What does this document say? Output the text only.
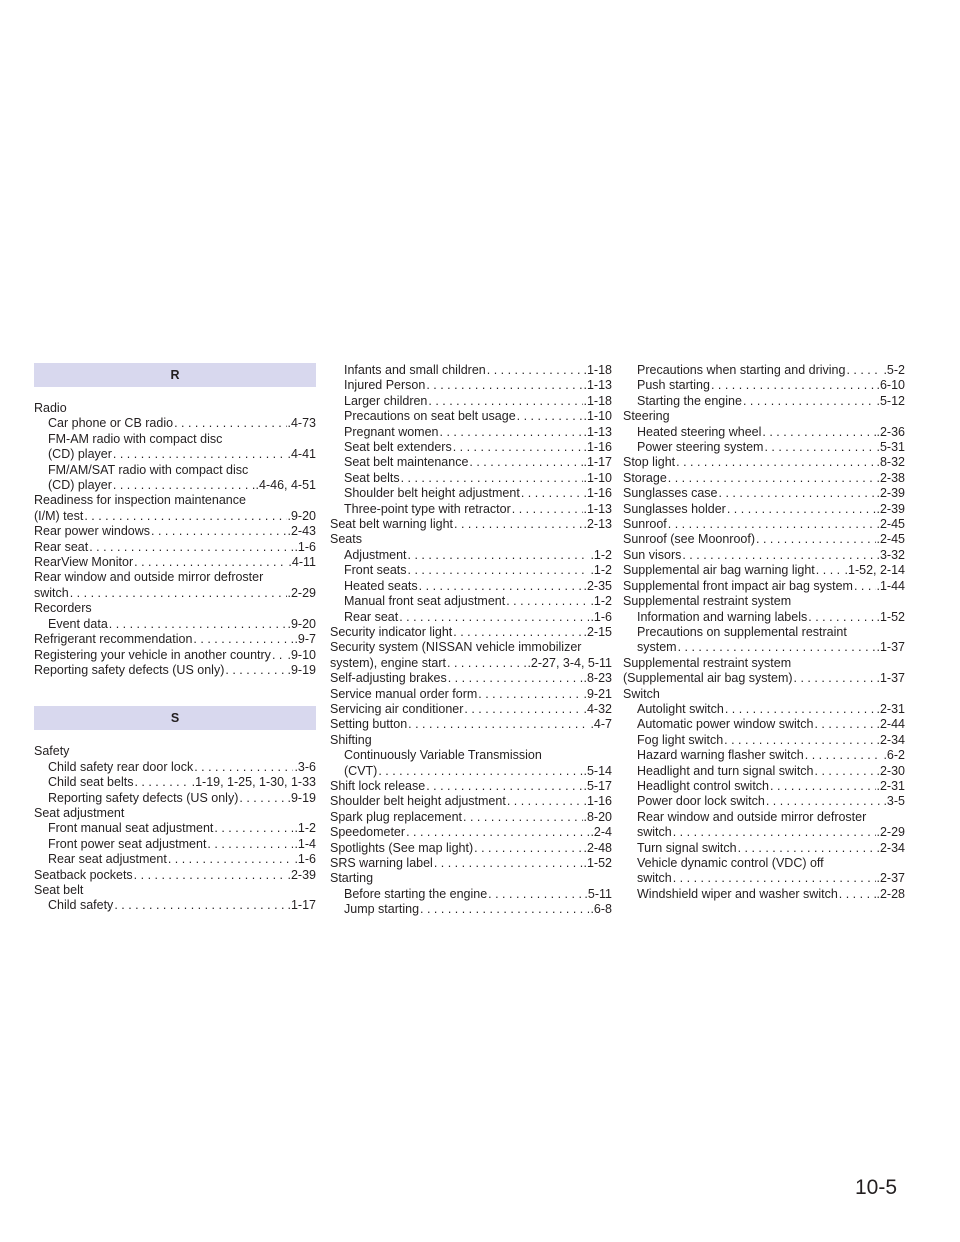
R
Radio
Car phone or CB radio . . .	.4-73
FM-AM radio with compact disc
(CD) player . . .	.4-41
FM/AM/SAT radio with compact disc
(CD) player . . .	.4-46, 4-51
Readiness for inspection maintenance
(I/M) test . . .	.9-20
Rear power windows . . .	.2-43
Rear seat . . .	.1-6
RearView Monitor . . .	.4-11
Rear window and outside mirror defroster
switch . . .	.2-29
Recorders
Event data . . .	.9-20
Refrigerant recommendation . . .	.9-7
Registering your vehicle in another country . . . .9-10
Reporting safety defects (US only) . . .	.9-19
S
Safety
Child safety rear door lock . . .	.3-6
Child seat belts . . .	.1-19, 1-25, 1-30, 1-33
Reporting safety defects (US only) . . .	.9-19
Seat adjustment
Front manual seat adjustment . . .	.1-2
Front power seat adjustment . . .	.1-4
Rear seat adjustment . . .	.1-6
Seatback pockets . . .	.2-39
Seat belt
Child safety . . .	.1-17
Infants and small children . . .	.1-18
Injured Person . . .	.1-13
Larger children . . .	.1-18
Precautions on seat belt usage . . .	.1-10
Pregnant women . . .	.1-13
Seat belt extenders . . .	.1-16
Seat belt maintenance . . .	.1-17
Seat belts . . .	.1-10
Shoulder belt height adjustment . . .	.1-16
Three-point type with retractor . . .	.1-13
Seat belt warning light . . .	.2-13
Seats
Adjustment . . .	.1-2
Front seats . . .	.1-2
Heated seats . . .	.2-35
Manual front seat adjustment . . .	.1-2
Rear seat . . .	.1-6
Security indicator light . . .	.2-15
Security system (NISSAN vehicle immobilizer
system), engine start . . .	.2-27, 3-4, 5-11
Self-adjusting brakes . . .	.8-23
Service manual order form . . .	.9-21
Servicing air conditioner . . .	.4-32
Setting button . . .	.4-7
Shifting
Continuously Variable Transmission
(CVT) . . .	.5-14
Shift lock release . . .	.5-17
Shoulder belt height adjustment . . .	.1-16
Spark plug replacement . . .	.8-20
Speedometer . . .	.2-4
Spotlights (See map light) . . .	.2-48
SRS warning label . . .	.1-52
Starting
Before starting the engine . . .	.5-11
Jump starting . . .	.6-8
Precautions when starting and driving . . .	.5-2
Push starting . . .	.6-10
Starting the engine . . .	.5-12
Steering
Heated steering wheel . . .	.2-36
Power steering system . . .	.5-31
Stop light . . .	.8-32
Storage . . .	.2-38
Sunglasses case . . .	.2-39
Sunglasses holder . . .	.2-39
Sunroof . . .	.2-45
Sunroof (see Moonroof) . . .	.2-45
Sun visors . . .	.3-32
Supplemental air bag warning light . . . .1-52, 2-14
Supplemental front impact air bag system . . . .1-44
Supplemental restraint system
Information and warning labels . . .	.1-52
Precautions on supplemental restraint
system . . .	.1-37
Supplemental restraint system
(Supplemental air bag system) . . .	.1-37
Switch
Autolight switch . . .	.2-31
Automatic power window switch . . .	.2-44
Fog light switch . . .	.2-34
Hazard warning flasher switch . . .	.6-2
Headlight and turn signal switch . . .	.2-30
Headlight control switch . . .	.2-31
Power door lock switch . . .	.3-5
Rear window and outside mirror defroster
switch . . .	.2-29
Turn signal switch . . .	.2-34
Vehicle dynamic control (VDC) off
switch . . .	.2-37
Windshield wiper and washer switch . . .	.2-28
10-5
